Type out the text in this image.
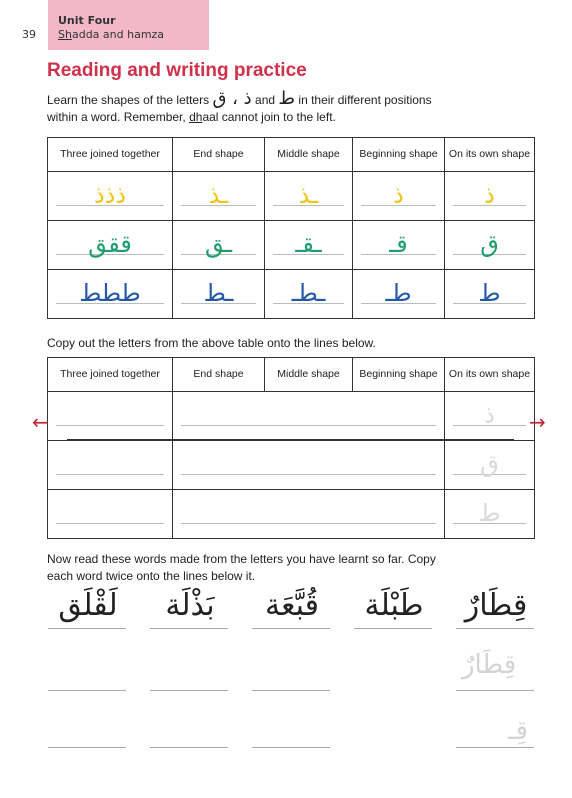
39
Unit Four
Shadda and hamza
Reading and writing practice
Learn the shapes of the letters ذ ، ق and ط in their different positions
within a word. Remember, dhaal cannot join to the left.
Three joined together	End shape	Middle shape	Beginning shape	On its own shape

ذذذ	ـذ	ـذ	ذ	ذ

ققق	ـق	ـقـ	قـ	ق

ططط	ـط	ـطـ	طـ	ط
Copy out the letters from the above table onto the lines below.
Three joined together	End shape	Middle shape	Beginning shape	On its own shape

				ذ

				ق

				ط
←	→
Now read these words made from the letters you have learnt so far. Copy
each word twice onto the lines below it.
لَقْلَق	بَذْلَة	قُبَّعَة	طَبْلَة	قِطَارٌ
قِطَارٌ
قِـ
